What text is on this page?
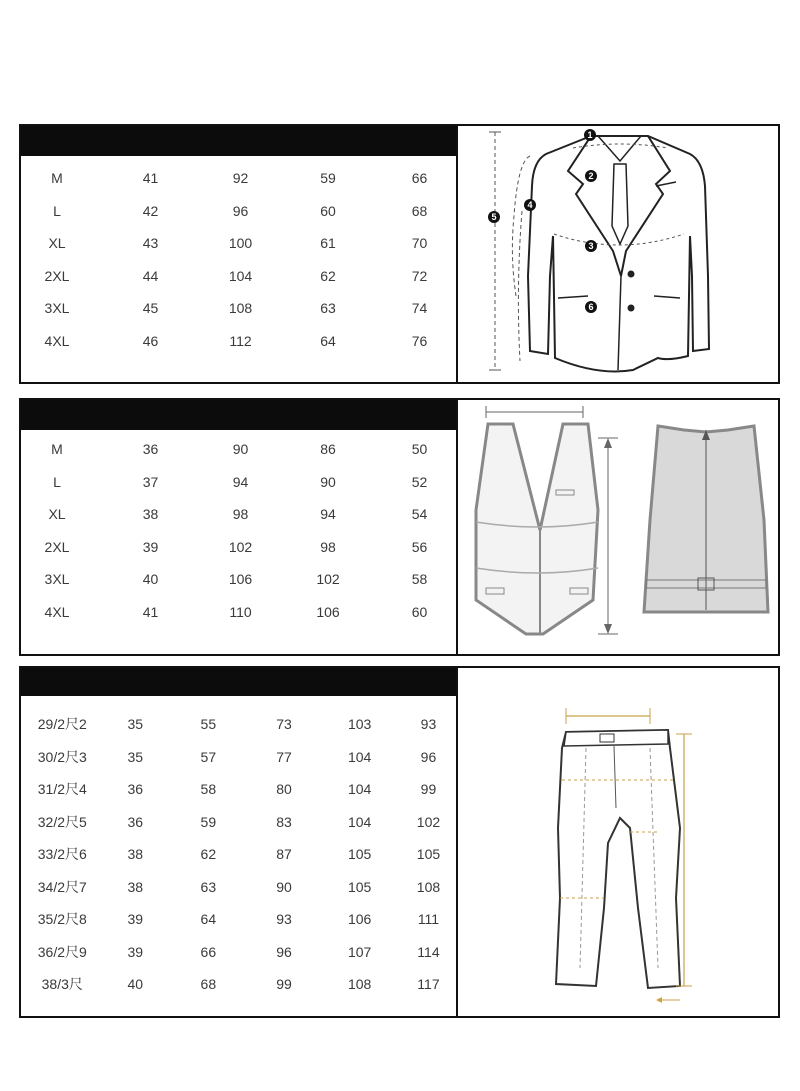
M	41	92	59	66
L	42	96	60	68
XL	43	100	61	70
2XL	44	104	62	72
3XL	45	108	63	74
4XL	46	112	64	76
1
2
3
4
5
6
M	36	90	86	50
L	37	94	90	52
XL	38	98	94	54
2XL	39	102	98	56
3XL	40	106	102	58
4XL	41	110	106	60
29/2尺2	35	55	73	103	93
30/2尺3	35	57	77	104	96
31/2尺4	36	58	80	104	99
32/2尺5	36	59	83	104	102
33/2尺6	38	62	87	105	105
34/2尺7	38	63	90	105	108
35/2尺8	39	64	93	106	111
36/2尺9	39	66	96	107	114
38/3尺	40	68	99	108	117
